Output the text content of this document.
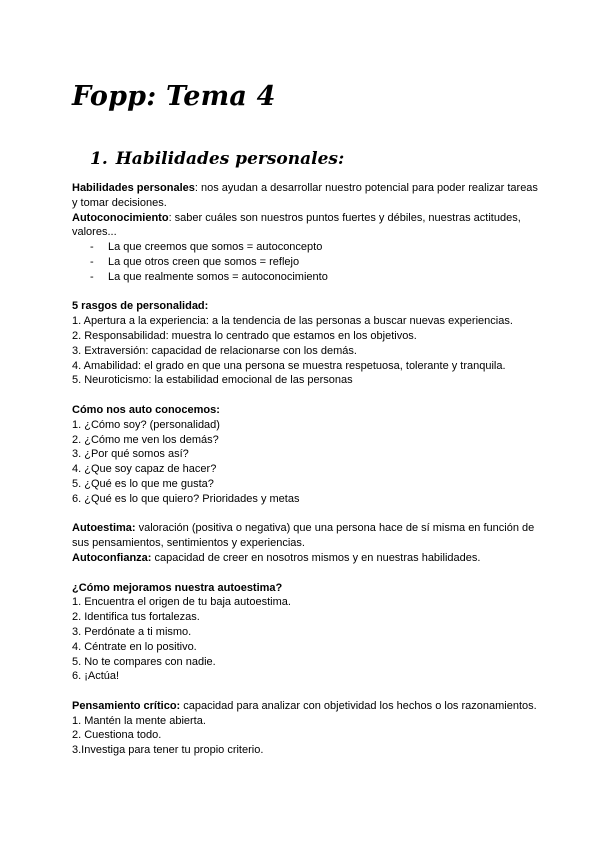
Fopp: Tema 4
1. Habilidades personales:

Habilidades personales: nos ayudan a desarrollar nuestro potencial para poder realizar tareas y tomar decisiones.

Autoconocimiento: saber cuáles son nuestros puntos fuertes y débiles, nuestras actitudes, valores...

- La que creemos que somos = autoconcepto
- La que otros creen que somos = reflejo
- La que realmente somos = autoconocimiento

5 rasgos de personalidad:

1. Apertura a la experiencia: a la tendencia de las personas a buscar nuevas experiencias.

2. Responsabilidad: muestra lo centrado que estamos en los objetivos.

3. Extraversión: capacidad de relacionarse con los demás.

4. Amabilidad: el grado en que una persona se muestra respetuosa, tolerante y tranquila.

5. Neuroticismo: la estabilidad emocional de las personas

Cómo nos auto conocemos:

1. ¿Cómo soy? (personalidad)

2. ¿Cómo me ven los demás?

3. ¿Por qué somos así?

4. ¿Que soy capaz de hacer?

5. ¿Qué es lo que me gusta?

6. ¿Qué es lo que quiero? Prioridades y metas

Autoestima: valoración (positiva o negativa) que una persona hace de sí misma en función de sus pensamientos, sentimientos y experiencias.

Autoconfianza: capacidad de creer en nosotros mismos y en nuestras habilidades.

¿Cómo mejoramos nuestra autoestima?

1. Encuentra el origen de tu baja autoestima.

2. Identifica tus fortalezas.

3. Perdónate a ti mismo.

4. Céntrate en lo positivo.

5. No te compares con nadie.

6. ¡Actúa!

Pensamiento crítico: capacidad para analizar con objetividad los hechos o los razonamientos.

1. Mantén la mente abierta.

2. Cuestiona todo.

3.Investiga para tener tu propio criterio.
